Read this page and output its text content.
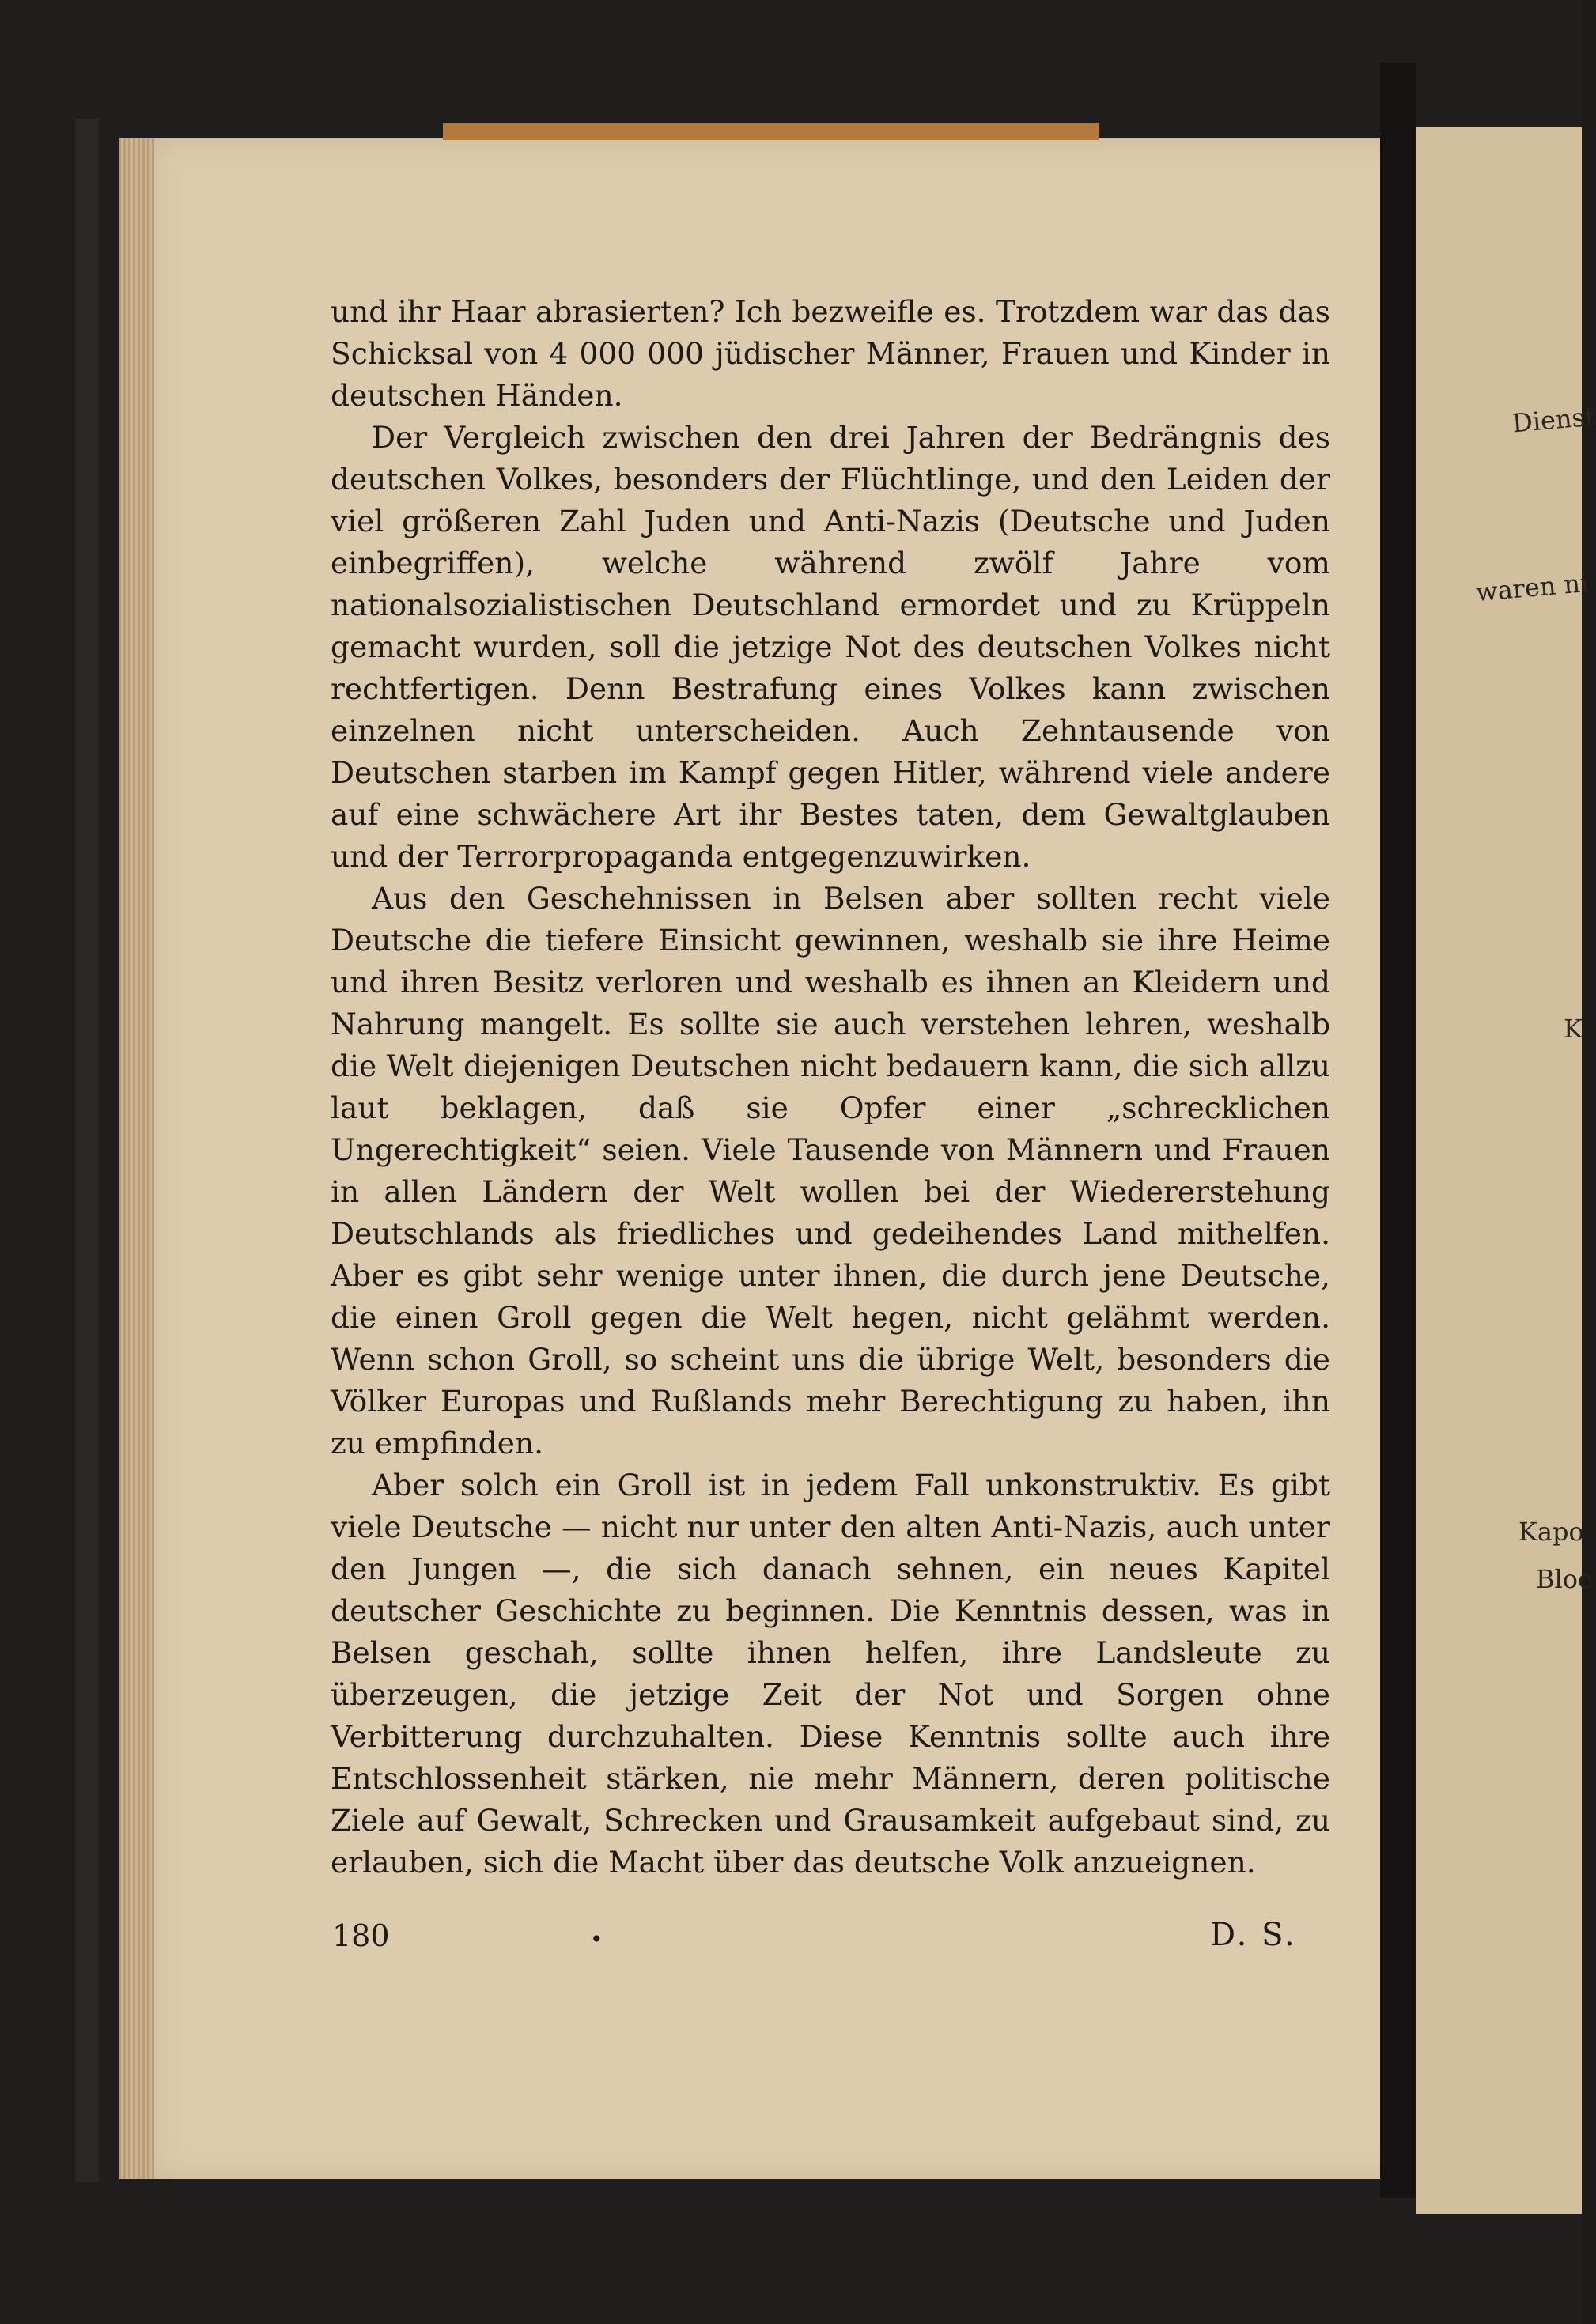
und ihr Haar abrasierten? Ich bezweifle es. Trotzdem war das das Schicksal von 4 000 000 jüdischer Männer, Frauen und Kinder in deutschen Händen.

Der Vergleich zwischen den drei Jahren der Bedrängnis des deutschen Volkes, besonders der Flüchtlinge, und den Leiden der viel größeren Zahl Juden und Anti-Nazis (Deutsche und Juden einbegriffen), welche während zwölf Jahre vom nationalsozialistischen Deutschland ermordet und zu Krüppeln gemacht wurden, soll die jetzige Not des deutschen Volkes nicht rechtfertigen. Denn Bestrafung eines Volkes kann zwischen einzelnen nicht unterscheiden. Auch Zehntausende von Deutschen starben im Kampf gegen Hitler, während viele andere auf eine schwächere Art ihr Bestes taten, dem Gewaltglauben und der Terrorpropaganda entgegenzuwirken.

Aus den Geschehnissen in Belsen aber sollten recht viele Deutsche die tiefere Einsicht gewinnen, weshalb sie ihre Heime und ihren Besitz verloren und weshalb es ihnen an Kleidern und Nahrung mangelt. Es sollte sie auch verstehen lehren, weshalb die Welt diejenigen Deutschen nicht bedauern kann, die sich allzu laut beklagen, daß sie Opfer einer „schrecklichen Ungerechtigkeit“ seien. Viele Tausende von Männern und Frauen in allen Ländern der Welt wollen bei der Wiedererstehung Deutschlands als friedliches und gedeihendes Land mithelfen. Aber es gibt sehr wenige unter ihnen, die durch jene Deutsche, die einen Groll gegen die Welt hegen, nicht gelähmt werden. Wenn schon Groll, so scheint uns die übrige Welt, besonders die Völker Europas und Rußlands mehr Berechtigung zu haben, ihn zu empfinden.

Aber solch ein Groll ist in jedem Fall unkonstruktiv. Es gibt viele Deutsche — nicht nur unter den alten Anti-Nazis, auch unter den Jungen —, die sich danach sehnen, ein neues Kapitel deutscher Geschichte zu beginnen. Die Kenntnis dessen, was in Belsen geschah, sollte ihnen helfen, ihre Landsleute zu überzeugen, die jetzige Zeit der Not und Sorgen ohne Verbitterung durchzuhalten. Diese Kenntnis sollte auch ihre Entschlossenheit stärken, nie mehr Männern, deren politische Ziele auf Gewalt, Schrecken und Grausamkeit aufgebaut sind, zu erlauben, sich die Macht über das deutsche Volk anzueignen.

180	•	D. S.
Dienst
waren ni
K
Kapo
Bloc
